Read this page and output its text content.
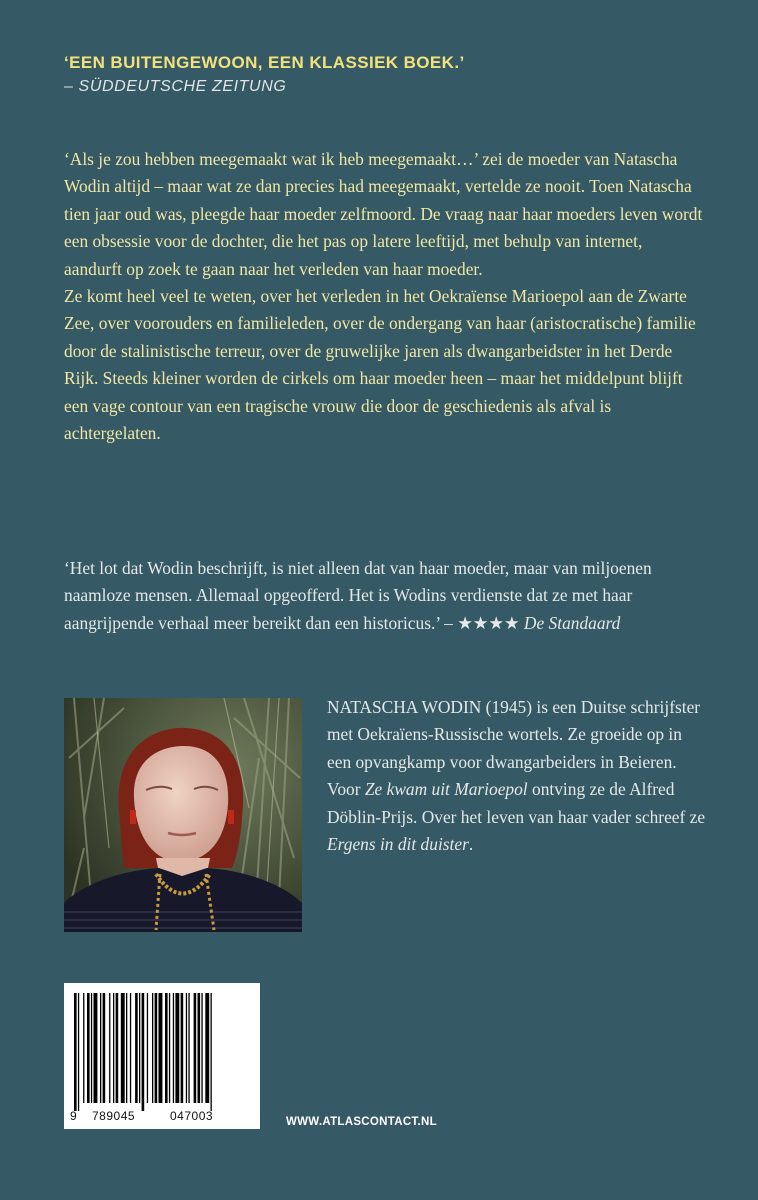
‘EEN BUITENGEWOON, EEN KLASSIEK BOEK.’
– SÜDDEUTSCHE ZEITUNG

‘Als je zou hebben meegemaakt wat ik heb meegemaakt…’ zei de moeder van Natascha Wodin altijd – maar wat ze dan precies had meegemaakt, vertelde ze nooit. Toen Natascha tien jaar oud was, pleegde haar moeder zelfmoord. De vraag naar haar moeders leven wordt een obsessie voor de dochter, die het pas op latere leeftijd, met behulp van internet, aandurft op zoek te gaan naar het verleden van haar moeder.

Ze komt heel veel te weten, over het verleden in het Oekraïense Marioepol aan de Zwarte Zee, over voorouders en familieleden, over de ondergang van haar (aristocratische) familie door de stalinistische terreur, over de gruwelijke jaren als dwangarbeidster in het Derde Rijk. Steeds kleiner worden de cirkels om haar moeder heen – maar het middelpunt blijft een vage contour van een tragische vrouw die door de geschiedenis als afval is achtergelaten.

‘Het lot dat Wodin beschrijft, is niet alleen dat van haar moeder, maar van miljoenen naamloze mensen. Allemaal opgeofferd. Het is Wodins verdienste dat ze met haar aangrijpende verhaal meer bereikt dan een historicus.’ – ★★★★ De Standaard

NATASCHA WODIN (1945) is een Duitse schrijfster met Oekraïens-Russische wortels. Ze groeide op in een opvangkamp voor dwangarbeiders in Beieren. Voor Ze kwam uit Marioepol ontving ze de Alfred Döblin-Prijs. Over het leven van haar vader schreef ze Ergens in dit duister.

9 789045	047003	WWW.ATLASCONTACT.NL
